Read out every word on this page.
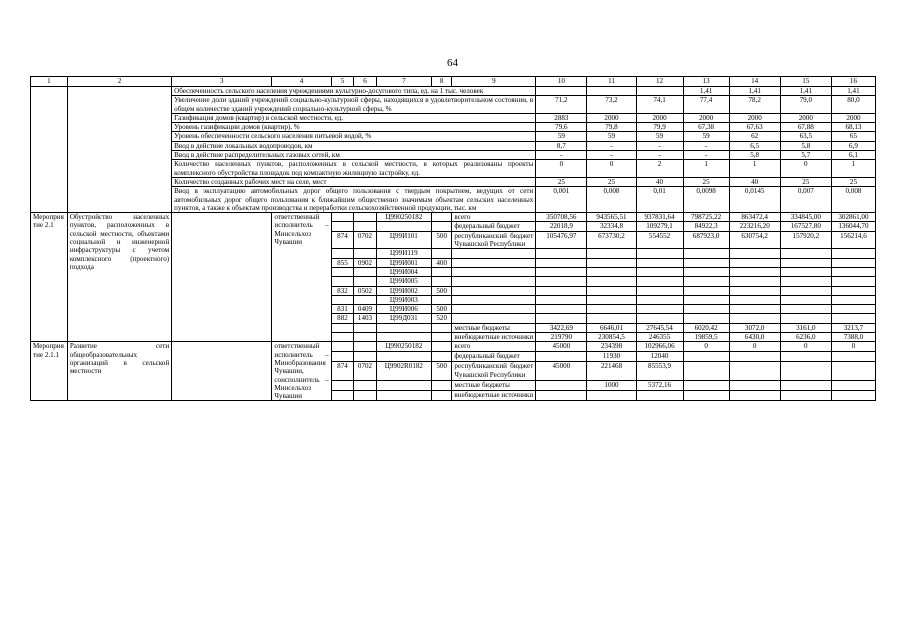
64
1	2	3	4	5	6	7	8	9	10	11	12	13	14	15	16
		Обеспеченность сельского населения учреждениями культурно-досугового типа, ед. на 1 тыс. человек										1,41	1,41	1,41	1,41
		Увеличение доли зданий учреждений социально-культурной сферы, находящихся в удовлетворительном состоянии, в общем количестве зданий учреждений социально-культурной сферы, %							71,2	73,2	74,1	77,4	78,2	79,0	80,0
		Газификация домов (квартир) в сельской местности, ед.							2883	2000	2000	2000	2000	2000	2000
		Уровень газификации домов (квартир), %							79,6	79,8	79,9	67,38	67,63	67,88	68,13
		Уровень обеспеченности сельского населения питьевой водой, %							59	59	59	59	62	63,5	65
		Ввод в действие локальных водопроводов, км							8,7	-	-	-	6,5	5,8	6,9
		Ввод в действие распределительных газовых сетей, км							-	-	-	-	5,8	5,7	6,1
		Количество населенных пунктов, расположенных в сельской местности, в которых реализованы проекты комплексного обустройства площадок под компактную жилищную застройку, ед.							0	0	2	1	1	0	1
		Количество созданных рабочих мест на селе, мест							25	25	40	25	40	25	25
		Ввод в эксплуатацию автомобильных дорог общего пользования с твердым покрытием, ведущих от сети автомобильных дорог общего пользования к ближайшим общественно значимым объектам сельских населенных пунктов, а также к объектам производства и переработки сельскохозяйственной продукции, тыс. км							0,001	0,008	0,01	0,0098	0,0145	0,007	0,008
Мероприятие 2.1	Обустройство населенных пунктов, расположенных в сельской местности, объектами социальной и инженерной инфраструктуры с учетом комплексного (проектного) подхода		ответственный исполнитель – Минсельхоз Чувашии			Ц990250182		всего	350708,56	943565,51	937831,64	798725,22	863472,4	334845,00	302861,00
								федеральный бюджет	22018,9	32334,8	109279,1	84922,3	223216,20	167527,80	136044,70
				874	0702	Ц99И101	500	республиканский бюджет Чувашской Республики	105476,97	673730,2	554552	687923,0	630754,2	157920,2	156214,6
						Ц99И119									
				855	0902	Ц99И001	400								
						Ц99И004									
						Ц99И005									
				832	0502	Ц99И002	500								
						Ц99И003									
				831	0409	Ц99И006	500								
				882	1403	Ц99Д031	520								
								местные бюджеты	3422,69	6646,01	27645,54	6020,42	3072,0	3161,0	3213,7
								внебюджетные источники	219790	230854,5	246355	19859,5	6430,0	6236,0	7388,0
Мероприятие 2.1.1	Развитие сети общеобразовательных организаций в сельской местности		ответственный исполнитель – Минобразования Чувашии, соисполнитель – Минсельхоз Чувашии			Ц990250182		всего	45000	234398	102966,06	0	0	0	0
								федеральный бюджет		11930	12040				
				874	0702	Ц9902R0182	500	республиканский бюджет Чувашской Республики	45000	221468	85553,9				
								местные бюджеты		1000	5372,16				
								внебюджетные источники							
